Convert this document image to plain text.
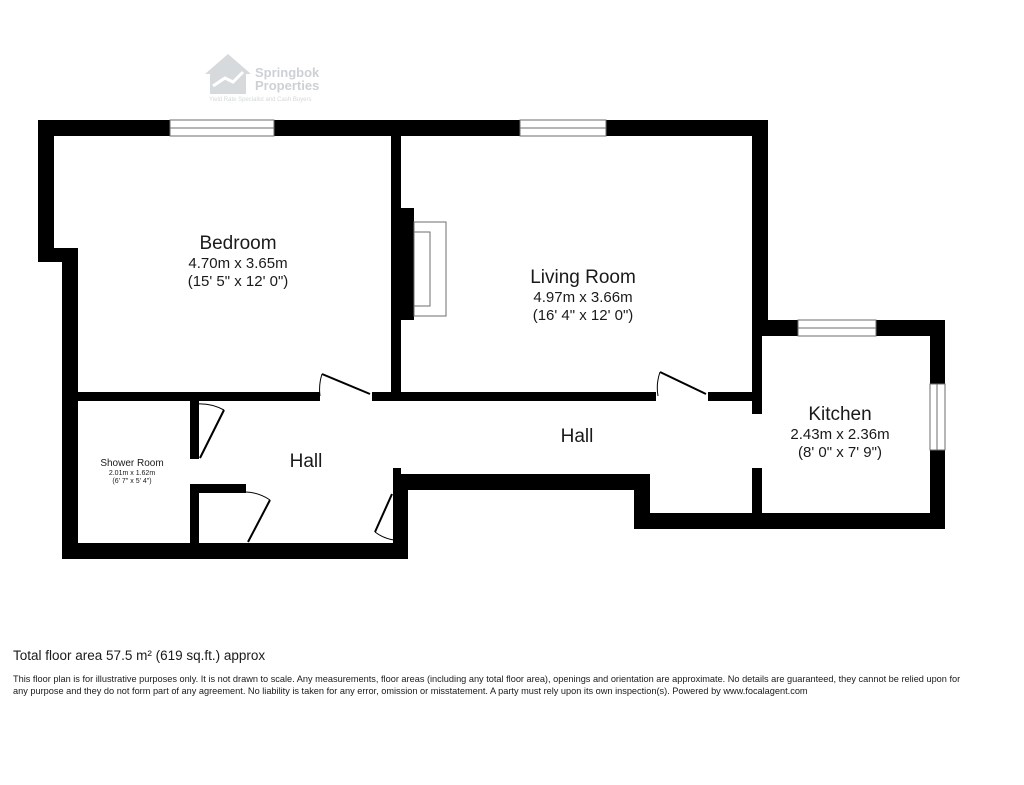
Springbok Properties
Yield Rate Specialist and Cash Buyers
Bedroom
4.70m x 3.65m
(15' 5" x 12' 0")	Living Room
4.97m x 3.66m
(16' 4" x 12' 0")
Kitchen
2.43m x 2.36m
(8' 0" x 7' 9")
Shower Room
2.01m x 1.62m
(6' 7" x 5' 4")
Hall
Hall
Total floor area 57.5 m² (619 sq.ft.) approx
This floor plan is for illustrative purposes only. It is not drawn to scale. Any measurements, floor areas (including any total floor area), openings and orientation are approximate. No details are guaranteed, they cannot be relied upon for any purpose and they do not form part of any agreement. No liability is taken for any error, omission or misstatement. A party must rely upon its own inspection(s). Powered by www.focalagent.com
